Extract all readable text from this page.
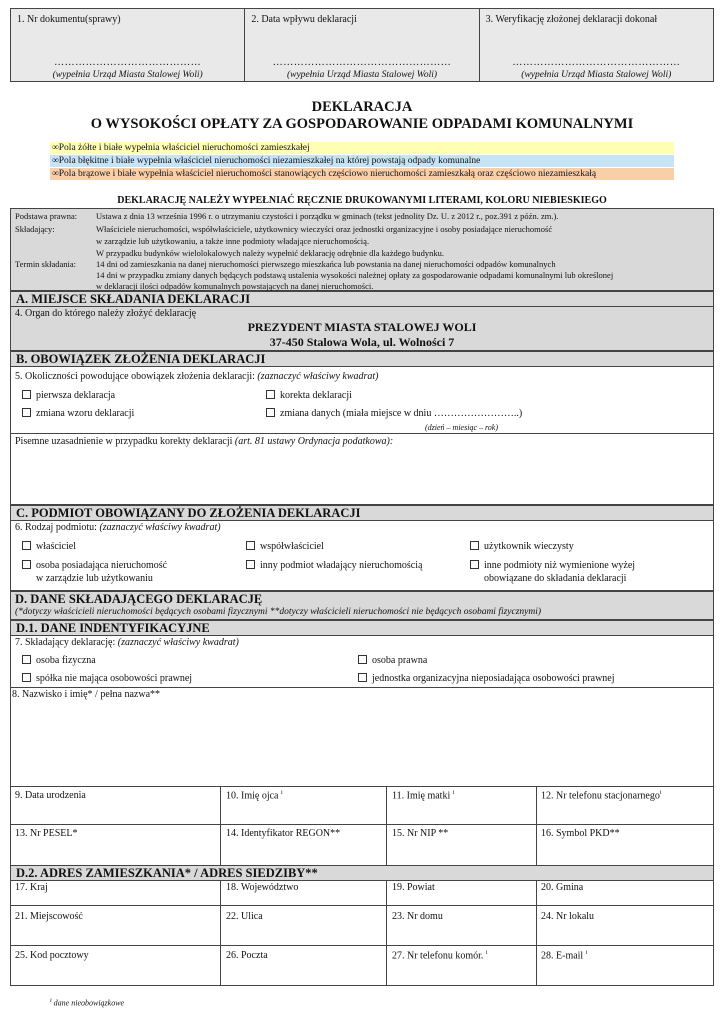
1. Nr dokumentu(sprawy)
……………………………………
(wypełnia Urząd Miasta Stalowej Woli)
2. Data wpływu deklaracji
……………………………………………
(wypełnia Urząd Miasta Stalowej Woli)
3. Weryfikację złożonej deklaracji dokonał
…………………………………………
(wypełnia Urząd Miasta Stalowej Woli)
DEKLARACJA
O WYSOKOŚCI OPŁATY ZA GOSPODAROWANIE ODPADAMI KOMUNALNYMI
∞Pola żółte i białe wypełnia właściciel nieruchomości zamieszkałej
∞Pola błękitne i białe wypełnia właściciel nieruchomości niezamieszkałej na której powstają odpady komunalne
∞Pola brązowe i białe wypełnia właściciel nieruchomości stanowiących częściowo nieruchomości zamieszkałą oraz częściowo niezamieszkałą
DEKLARACJĘ NALEŻY WYPEŁNIAĆ RĘCZNIE DRUKOWANYMI LITERAMI, KOLORU NIEBIESKIEGO
Podstawa prawna: Ustawa z dnia 13 września 1996 r. o utrzymaniu czystości i porządku w gminach (tekst jednolity Dz. U. z 2012 r., poz.391 z późn. zm.).
Składający:	Właściciele nieruchomości, współwłaściciele, użytkownicy wieczyści oraz jednostki organizacyjne i osoby posiadające nieruchomość
w zarządzie lub użytkowaniu, a także inne podmioty władające nieruchomością.
W przypadku budynków wielolokalowych należy wypełnić deklarację odrębnie dla każdego budynku.
Termin składania: 14 dni od zamieszkania na danej nieruchomości pierwszego mieszkańca lub powstania na danej nieruchomości odpadów komunalnych
14 dni w przypadku zmiany danych będących podstawą ustalenia wysokości należnej opłaty za gospodarowanie odpadami komunalnymi lub określonej
w deklaracji ilości odpadów komunalnych powstających na danej nieruchomości.
A. MIEJSCE SKŁADANIA DEKLARACJI
4. Organ do którego należy złożyć deklarację
PREZYDENT MIASTA STALOWEJ WOLI
37-450 Stalowa Wola, ul. Wolności 7
B. OBOWIĄZEK ZŁOŻENIA DEKLARACJI
5. Okoliczności powodujące obowiązek złożenia deklaracji: (zaznaczyć właściwy kwadrat)
pierwsza deklaracja	korekta deklaracji
zmiana wzoru deklaracji	zmiana danych (miała miejsce w dniu ……………………..)
(dzień – miesiąc – rok)
Pisemne uzasadnienie w przypadku korekty deklaracji (art. 81 ustawy Ordynacja podatkowa):
C. PODMIOT OBOWIĄZANY DO ZŁOŻENIA DEKLARACJI
6. Rodzaj podmiotu: (zaznaczyć właściwy kwadrat)
właściciel	współwłaściciel	użytkownik wieczysty
osoba posiadająca nieruchomość
w zarządzie lub użytkowaniu
inny podmiot władający nieruchomością	inne podmioty niż wymienione wyżej
obowiązane do składania deklaracji
D. DANE SKŁADAJĄCEGO DEKLARACJĘ
(*dotyczy właścicieli nieruchomości będących osobami fizycznymi **dotyczy właścicieli nieruchomości nie będących osobami fizycznymi)
D.1. DANE INDENTYFIKACYJNE
7. Składający deklarację: (zaznaczyć właściwy kwadrat)
osoba fizyczna	osoba prawna
spółka nie mająca osobowości prawnej	jednostka organizacyjna nieposiadająca osobowości prawnej
8. Nazwisko i imię* / pełna nazwa**
9. Data urodzenia	10. Imię ojca $^i$	11. Imię matki $^i$	12. Nr telefonu stacjonarnego$^i$
13. Nr PESEL*	14. Identyfikator REGON**	15. Nr NIP **	16. Symbol PKD**
D.2. ADRES ZAMIESZKANIA* / ADRES SIEDZIBY**
17. Kraj	18. Województwo	19. Powiat	20. Gmina
21. Miejscowość	22. Ulica	23. Nr domu	24. Nr lokalu
25. Kod pocztowy	26. Poczta	27. Nr telefonu komór. $^i$	28. E-mail $^i$
$^i$ dane nieobowiązkowe
